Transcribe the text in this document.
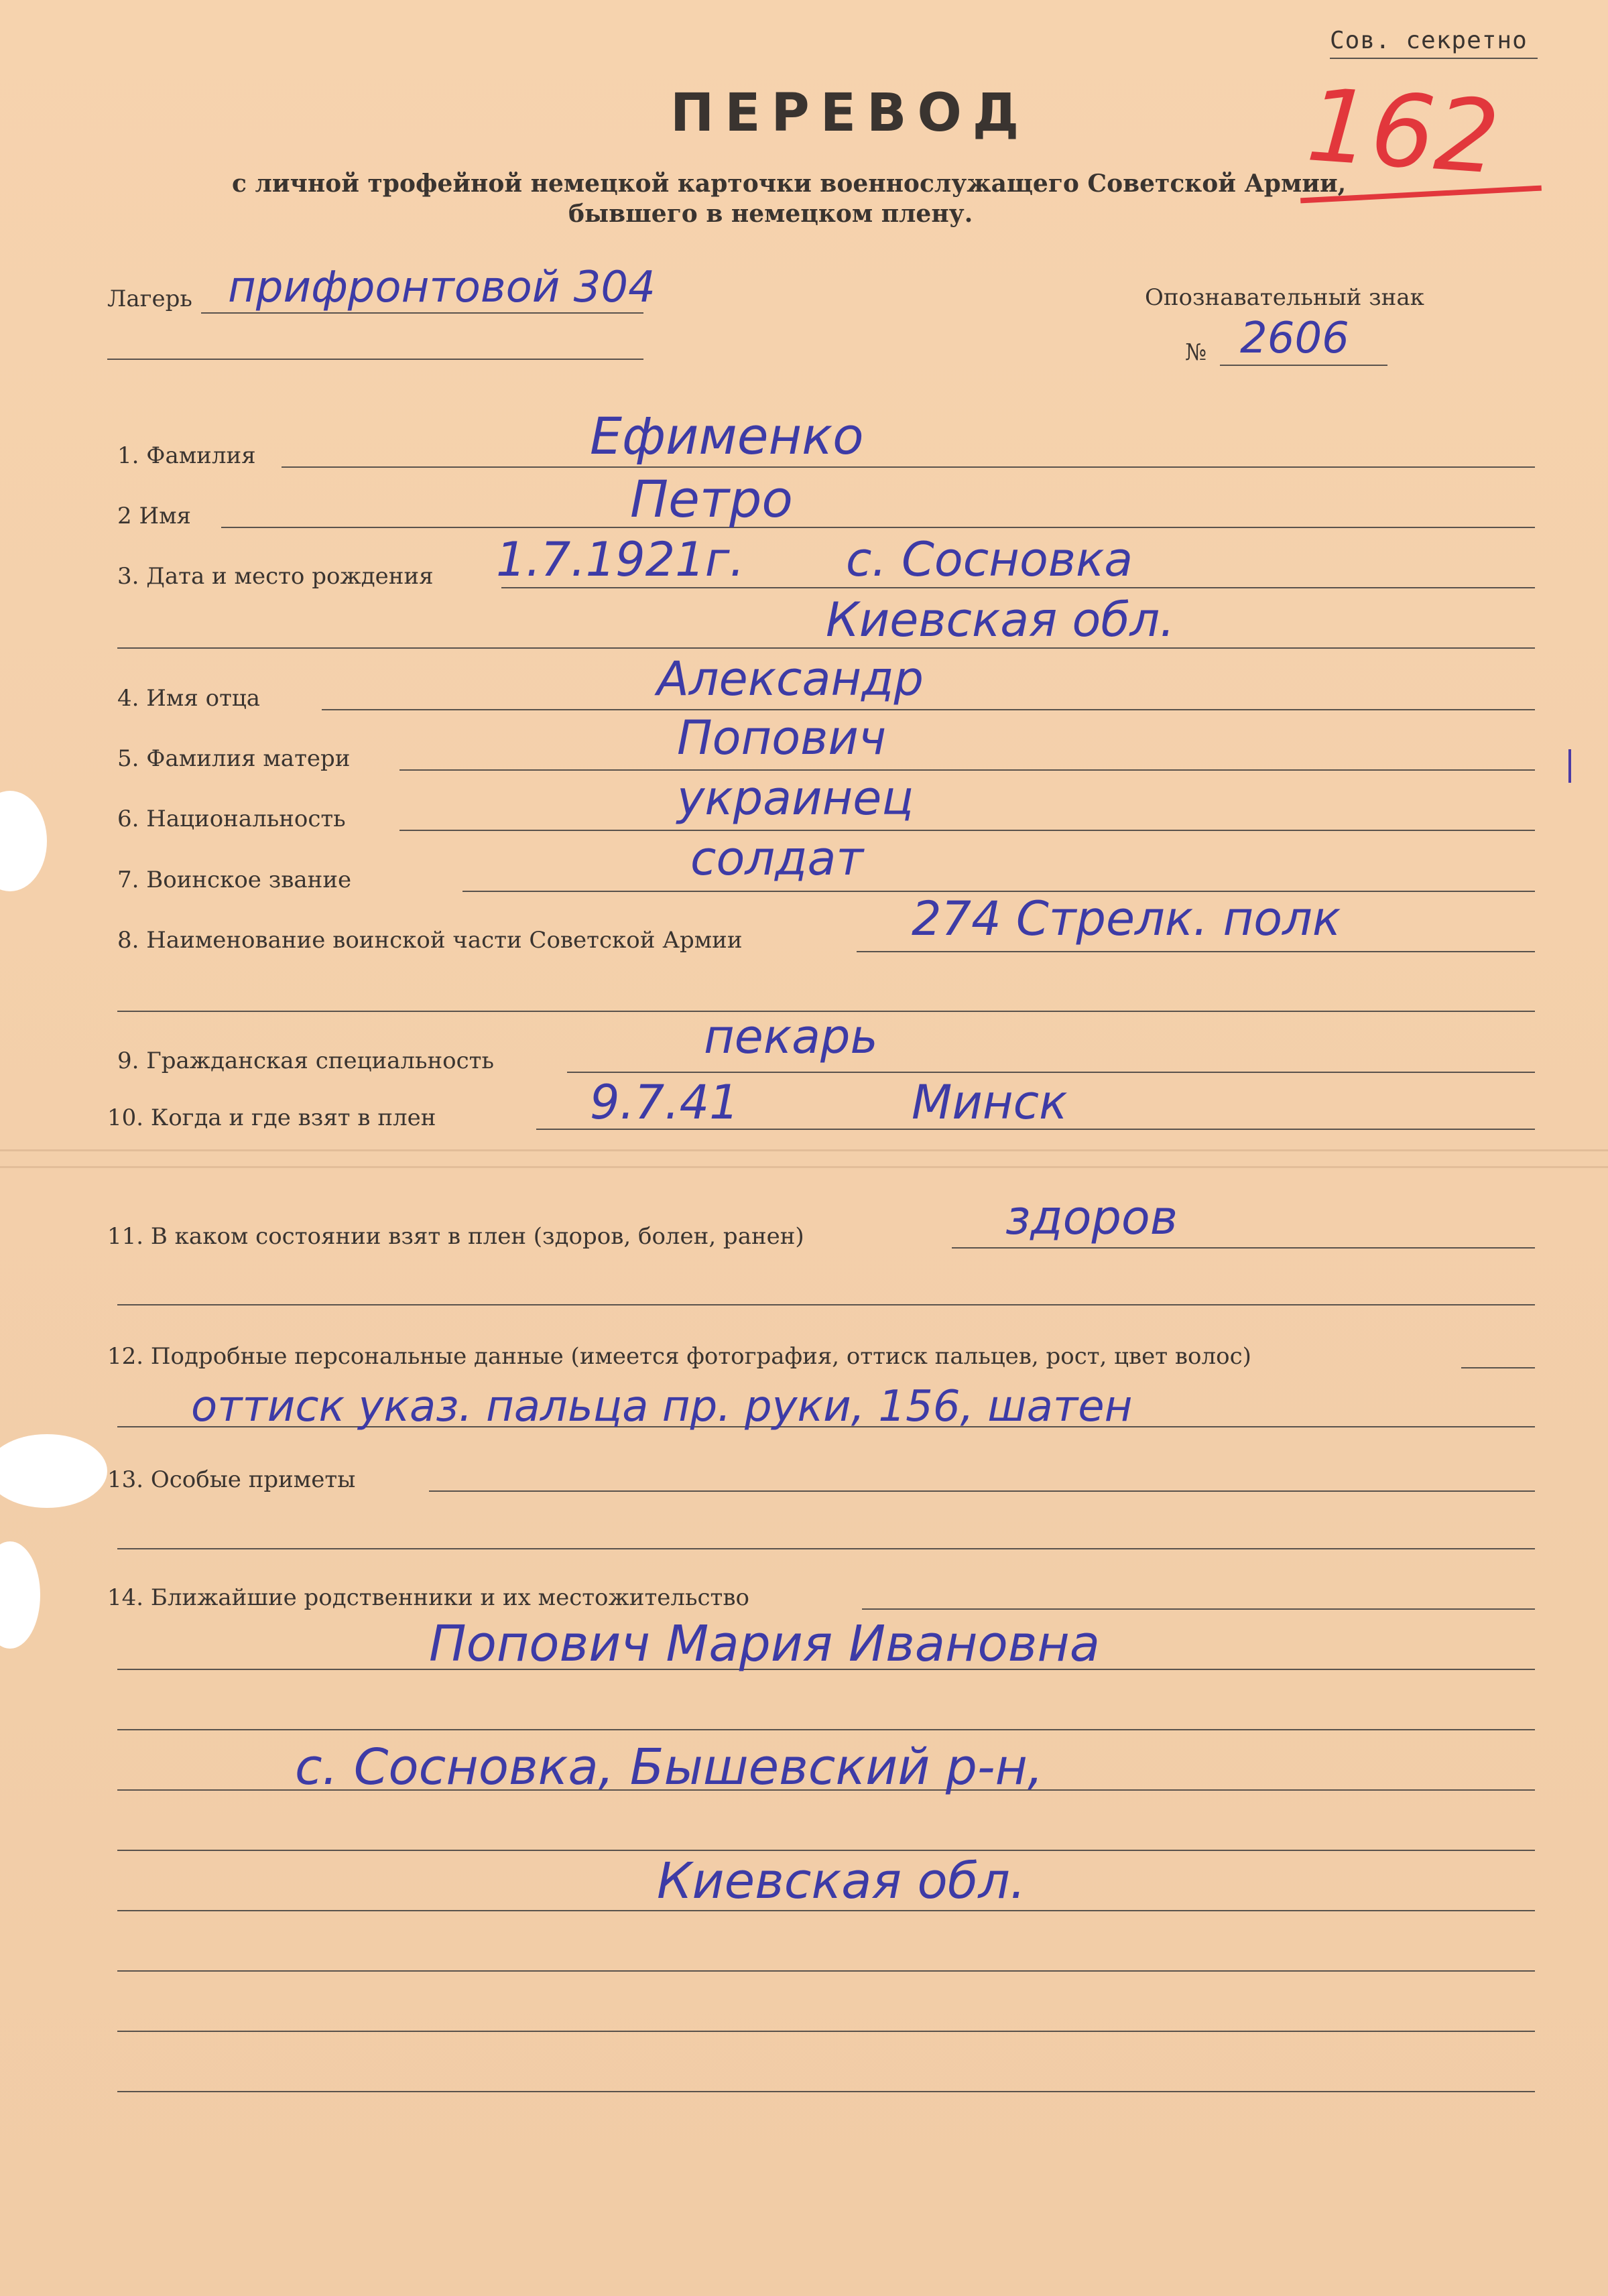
Сов. секретно
ПЕРЕВОД
с личной трофейной немецкой карточки военнослужащего Советской Армии,
бывшего в немецком плену.
162
Лагерь прифронтовой 304	Опознавательный знак
№ 2606
1. Фамилия	Ефименко
2 Имя	Петро
3. Дата и место рождения 1.7.1921г. с. Сосновка
Киевская обл.
4. Имя отца	Александр
5. Фамилия матери	Попович
6. Национальность	украинец
7. Воинское звание	солдат
8. Наименование воинской части Советской Армии	274 Стрелк. полк
9. Гражданская специальность	пекарь
10. Когда и где взят в плен	9.7.41	Минск
11. В каком состоянии взят в плен (здоров, болен, ранен)	здоров
12. Подробные персональные данные (имеется фотография, оттиск пальцев, рост, цвет волос)
оттиск указ. пальца пр. руки, 156, шатен
13. Особые приметы
14. Ближайшие родственники и их местожительство
Попович Мария Ивановна
с. Сосновка, Бышевский р-н,
Киевская обл.
